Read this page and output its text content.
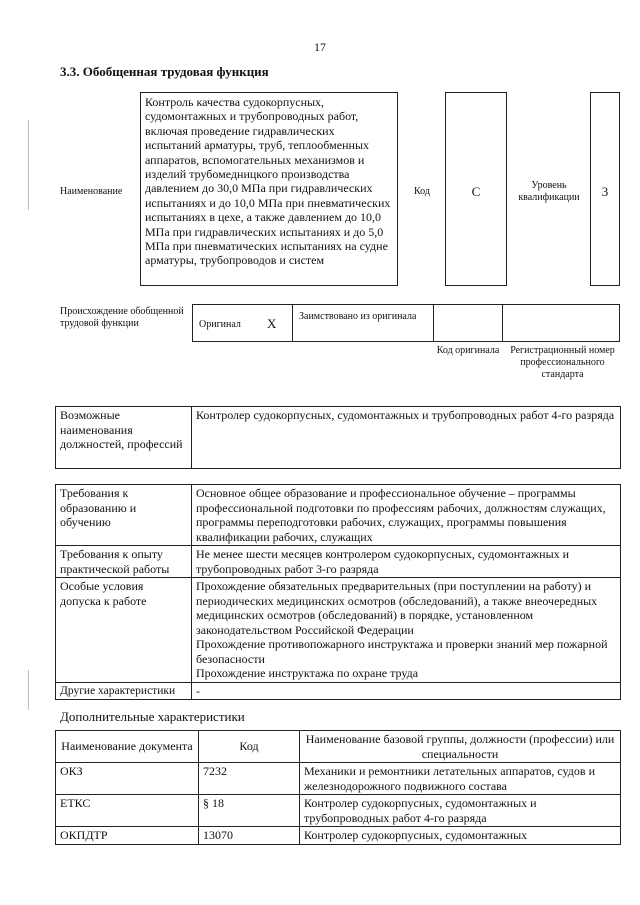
17
3.3. Обобщенная трудовая функция
Наименование
Контроль качества судокорпусных, судомонтажных и трубопроводных работ, включая проведение гидравлических испытаний арматуры, труб, теплообменных аппаратов, вспомогательных механизмов и изделий трубомедницкого производства давлением до 30,0 МПа при гидравлических испытаниях и до 10,0 МПа при пневматических испытаниях в цехе, а также давлением до 10,0 МПа при гидравлических испытаниях и до 5,0 МПа при пневматических испытаниях на судне арматуры, трубопроводов и систем
Код	C	Уровень квалификации	3
Происхождение обобщенной трудовой функции	Оригинал X Заимствовано из оригинала
Код оригинала	Регистрационный номер профессионального стандарта
Возможные наименования должностей, профессий	Контролер судокорпусных, судомонтажных и трубопроводных работ 4-го разряда
Требования к образованию и обучению	Основное общее образование и профессиональное обучение – программы профессиональной подготовки по профессиям рабочих, должностям служащих, программы переподготовки рабочих, служащих, программы повышения квалификации рабочих, служащих
Требования к опыту практической работы	Не менее шести месяцев контролером судокорпусных, судомонтажных и трубопроводных работ 3-го разряда
Особые условия допуска к работе	Прохождение обязательных предварительных (при поступлении на работу) и периодических медицинских осмотров (обследований), а также внеочередных медицинских осмотров (обследований) в порядке, установленном законодательством Российской Федерации
Прохождение противопожарного инструктажа и проверки знаний мер пожарной безопасности
Прохождение инструктажа по охране труда

Другие характеристики	-
Дополнительные характеристики
Наименование документа	Код	Наименование базовой группы, должности (профессии) или специальности
ОКЗ	7232	Механики и ремонтники летательных аппаратов, судов и железнодорожного подвижного состава
ЕТКС	§ 18	Контролер судокорпусных, судомонтажных и трубопроводных работ 4-го разряда
ОКПДТР	13070	Контролер судокорпусных, судомонтажных
